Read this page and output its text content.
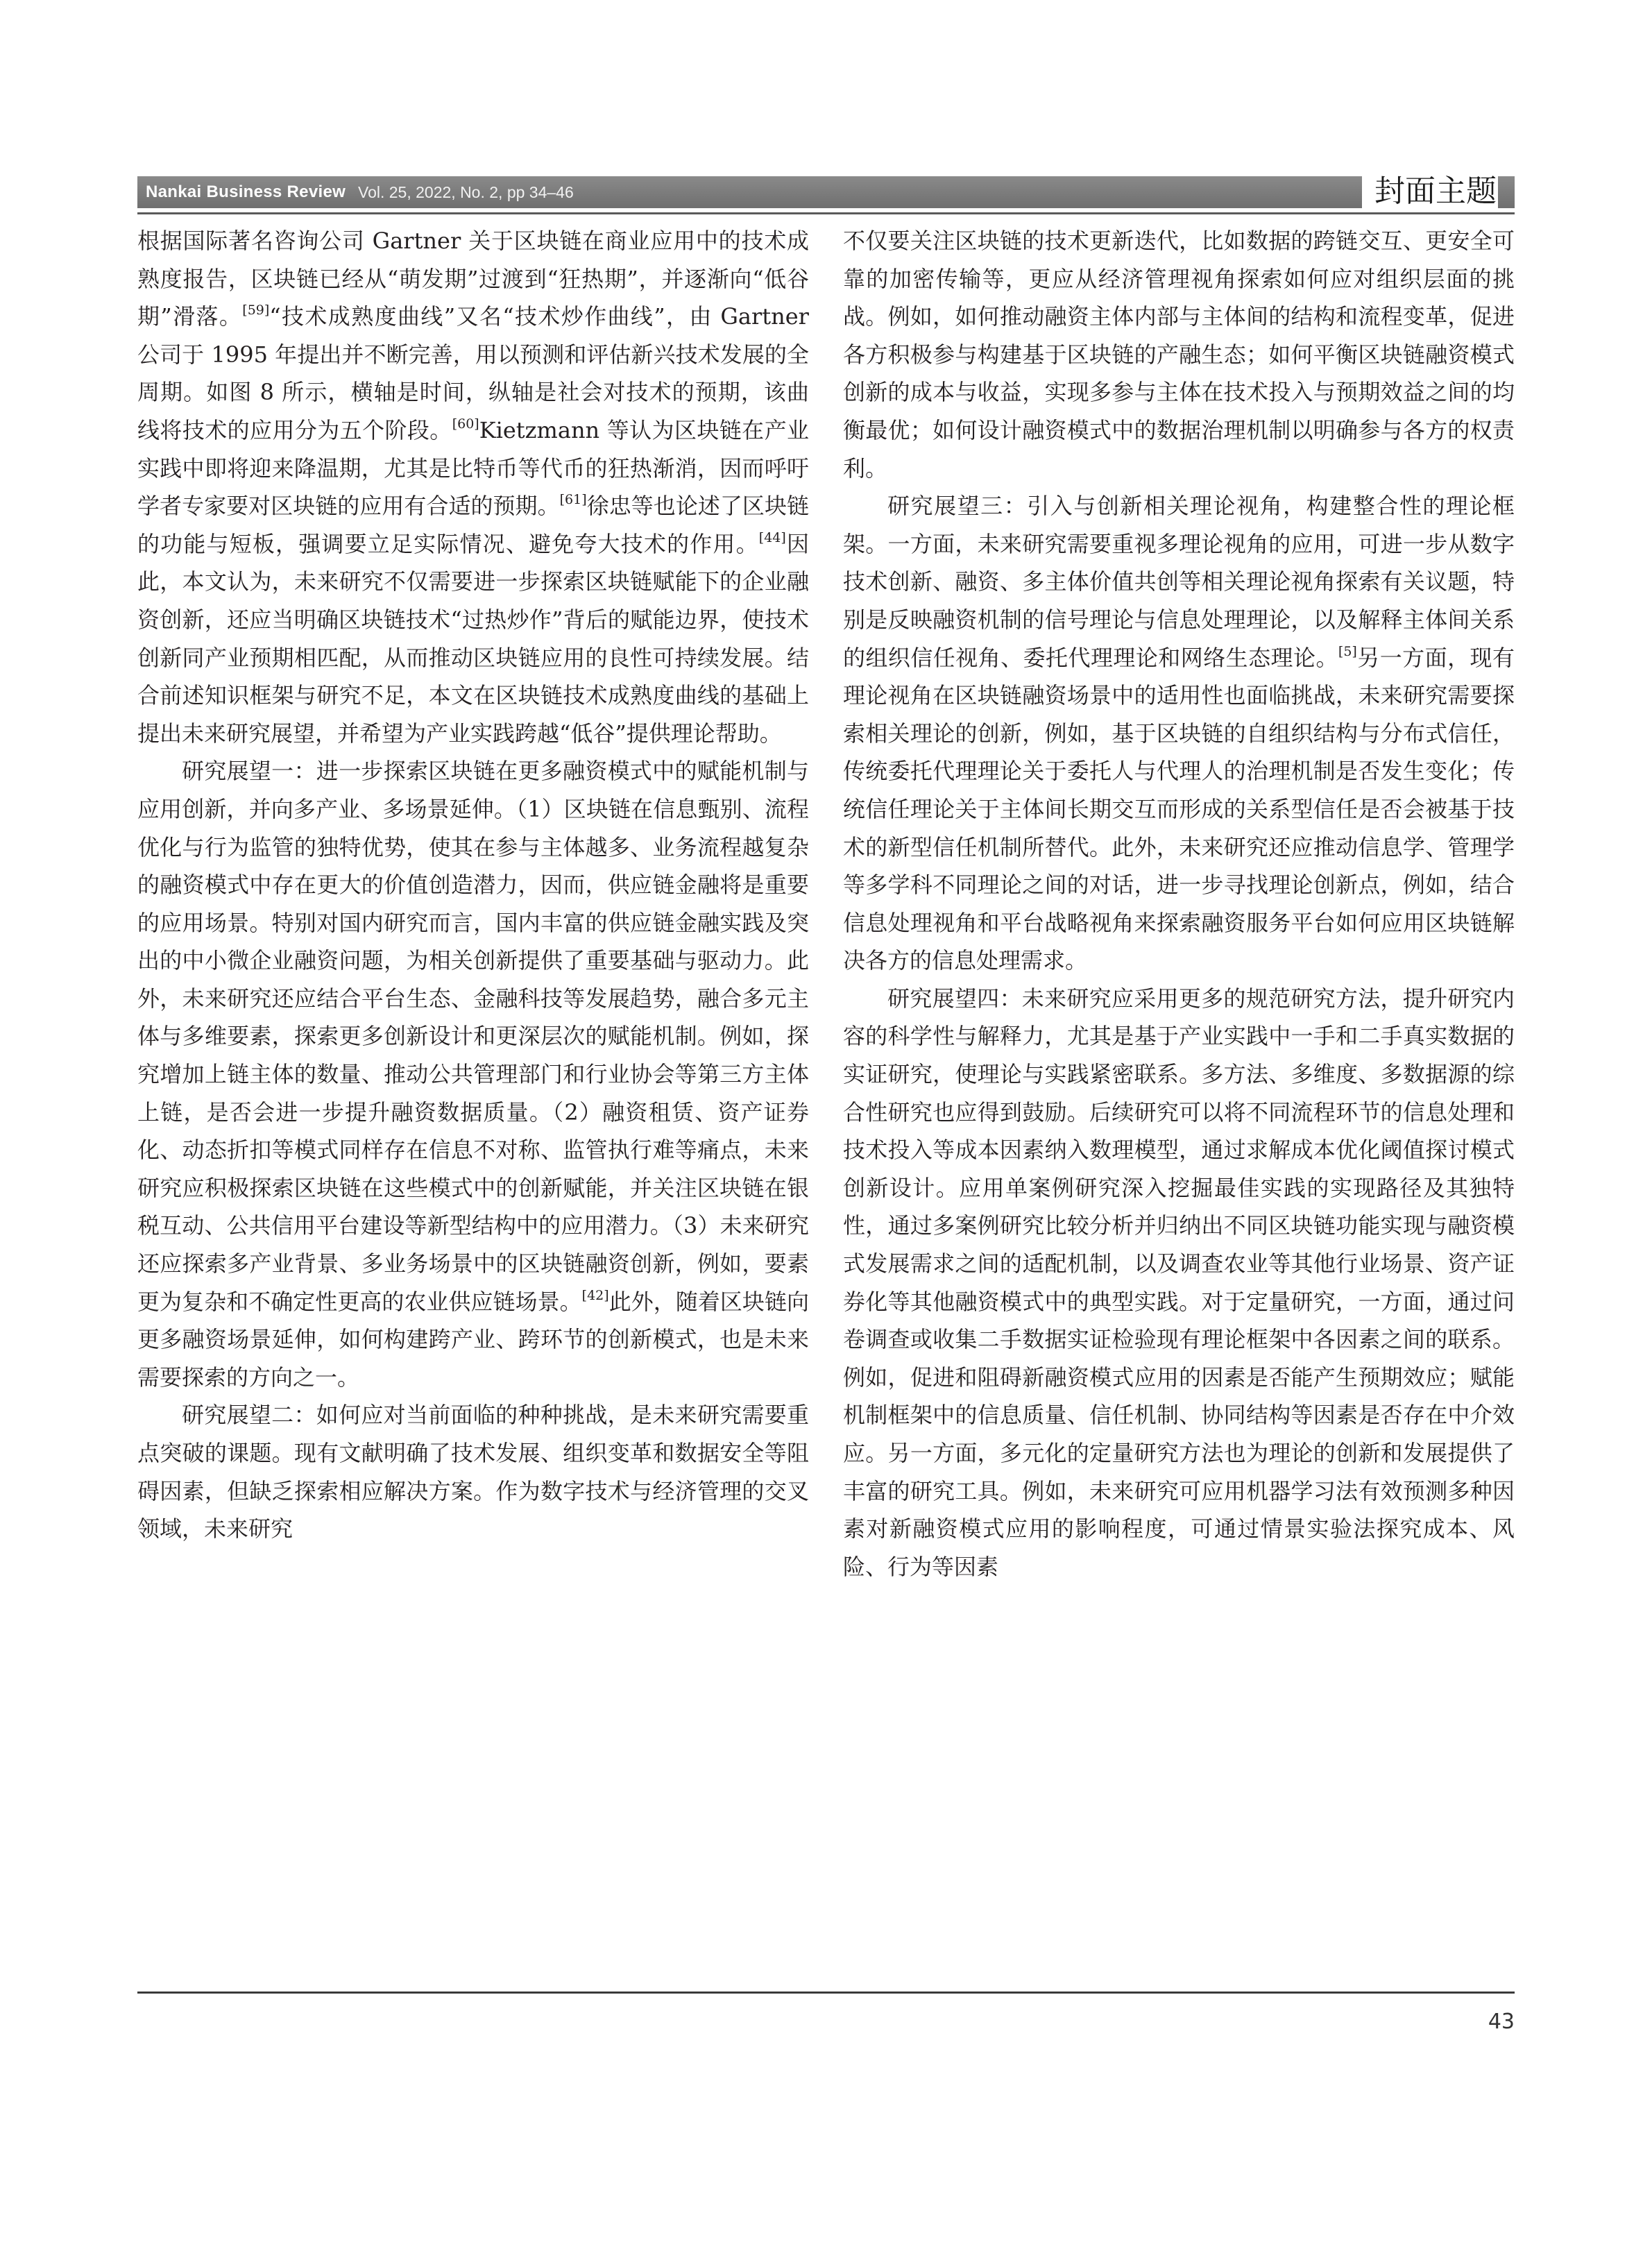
Nankai Business Review Vol. 25, 2022, No. 2, pp 34–46	封面主题

根据国际著名咨询公司 Gartner 关于区块链在商业应用中的技术成熟度报告，区块链已经从“萌发期”过渡到“狂热期”，并逐渐向“低谷期”滑落。[59]“技术成熟度曲线”又名“技术炒作曲线”，由 Gartner 公司于 1995 年提出并不断完善，用以预测和评估新兴技术发展的全周期。如图 8 所示，横轴是时间，纵轴是社会对技术的预期，该曲线将技术的应用分为五个阶段。[60]Kietzmann 等认为区块链在产业实践中即将迎来降温期，尤其是比特币等代币的狂热渐消，因而呼吁学者专家要对区块链的应用有合适的预期。[61]徐忠等也论述了区块链的功能与短板，强调要立足实际情况、避免夸大技术的作用。[44]因此，本文认为，未来研究不仅需要进一步探索区块链赋能下的企业融资创新，还应当明确区块链技术“过热炒作”背后的赋能边界，使技术创新同产业预期相匹配，从而推动区块链应用的良性可持续发展。结合前述知识框架与研究不足，本文在区块链技术成熟度曲线的基础上提出未来研究展望，并希望为产业实践跨越“低谷”提供理论帮助。

研究展望一：进一步探索区块链在更多融资模式中的赋能机制与应用创新，并向多产业、多场景延伸。（1）区块链在信息甄别、流程优化与行为监管的独特优势，使其在参与主体越多、业务流程越复杂的融资模式中存在更大的价值创造潜力，因而，供应链金融将是重要的应用场景。特别对国内研究而言，国内丰富的供应链金融实践及突出的中小微企业融资问题，为相关创新提供了重要基础与驱动力。此外，未来研究还应结合平台生态、金融科技等发展趋势，融合多元主体与多维要素，探索更多创新设计和更深层次的赋能机制。例如，探究增加上链主体的数量、推动公共管理部门和行业协会等第三方主体上链，是否会进一步提升融资数据质量。（2）融资租赁、资产证券化、动态折扣等模式同样存在信息不对称、监管执行难等痛点，未来研究应积极探索区块链在这些模式中的创新赋能，并关注区块链在银税互动、公共信用平台建设等新型结构中的应用潜力。（3）未来研究还应探索多产业背景、多业务场景中的区块链融资创新，例如，要素更为复杂和不确定性更高的农业供应链场景。[42]此外，随着区块链向更多融资场景延伸，如何构建跨产业、跨环节的创新模式，也是未来需要探索的方向之一。

研究展望二：如何应对当前面临的种种挑战，是未来研究需要重点突破的课题。现有文献明确了技术发展、组织变革和数据安全等阻碍因素，但缺乏探索相应解决方案。作为数字技术与经济管理的交叉领域，未来研究

不仅要关注区块链的技术更新迭代，比如数据的跨链交互、更安全可靠的加密传输等，更应从经济管理视角探索如何应对组织层面的挑战。例如，如何推动融资主体内部与主体间的结构和流程变革，促进各方积极参与构建基于区块链的产融生态；如何平衡区块链融资模式创新的成本与收益，实现多参与主体在技术投入与预期效益之间的均衡最优；如何设计融资模式中的数据治理机制以明确参与各方的权责利。

研究展望三：引入与创新相关理论视角，构建整合性的理论框架。一方面，未来研究需要重视多理论视角的应用，可进一步从数字技术创新、融资、多主体价值共创等相关理论视角探索有关议题，特别是反映融资机制的信号理论与信息处理理论，以及解释主体间关系的组织信任视角、委托代理理论和网络生态理论。[5]另一方面，现有理论视角在区块链融资场景中的适用性也面临挑战，未来研究需要探索相关理论的创新，例如，基于区块链的自组织结构与分布式信任，传统委托代理理论关于委托人与代理人的治理机制是否发生变化；传统信任理论关于主体间长期交互而形成的关系型信任是否会被基于技术的新型信任机制所替代。此外，未来研究还应推动信息学、管理学等多学科不同理论之间的对话，进一步寻找理论创新点，例如，结合信息处理视角和平台战略视角来探索融资服务平台如何应用区块链解决各方的信息处理需求。

研究展望四：未来研究应采用更多的规范研究方法，提升研究内容的科学性与解释力，尤其是基于产业实践中一手和二手真实数据的实证研究，使理论与实践紧密联系。多方法、多维度、多数据源的综合性研究也应得到鼓励。后续研究可以将不同流程环节的信息处理和技术投入等成本因素纳入数理模型，通过求解成本优化阈值探讨模式创新设计。应用单案例研究深入挖掘最佳实践的实现路径及其独特性，通过多案例研究比较分析并归纳出不同区块链功能实现与融资模式发展需求之间的适配机制，以及调查农业等其他行业场景、资产证券化等其他融资模式中的典型实践。对于定量研究，一方面，通过问卷调查或收集二手数据实证检验现有理论框架中各因素之间的联系。例如，促进和阻碍新融资模式应用的因素是否能产生预期效应；赋能机制框架中的信息质量、信任机制、协同结构等因素是否存在中介效应。另一方面，多元化的定量研究方法也为理论的创新和发展提供了丰富的研究工具。例如，未来研究可应用机器学习法有效预测多种因素对新融资模式应用的影响程度，可通过情景实验法探究成本、风险、行为等因素

43
